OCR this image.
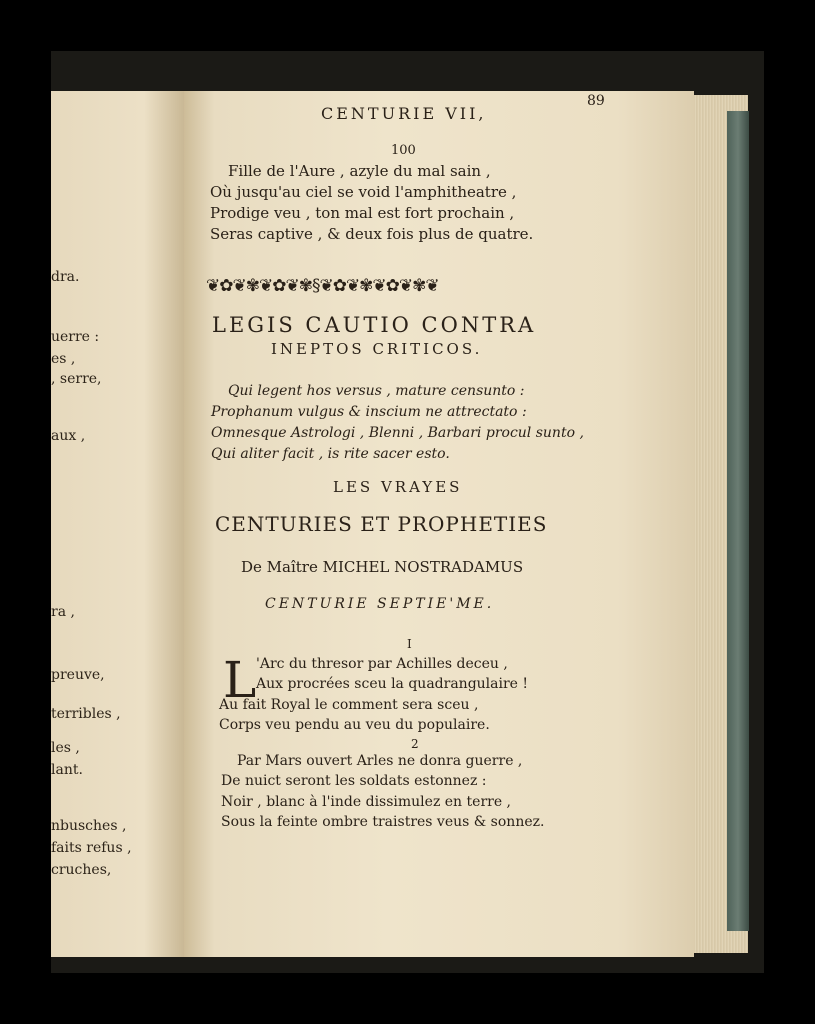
dra.
uerre :
es ,
, serre,
aux ,
ra ,
preuve,
terribles ,
les ,
lant.
nbusches ,
faits refus ,
cruches,
CENTURIE VII,
89
100
Fille de l'Aure , azyle du mal sain ,
Où jusqu'au ciel se void l'amphitheatre ,
Prodige veu , ton mal est fort prochain ,
Seras captive , & deux fois plus de quatre.
❦✿❦✾❦✿❦✾§❦✿❦✾❦✿❦✾❦
LEGIS CAUTIO CONTRA
INEPTOS CRITICOS.
Qui legent hos versus , mature censunto :
Prophanum vulgus & inscium ne attrectato :
Omnesque Astrologi , Blenni , Barbari procul sunto ,
Qui aliter facit , is rite sacer esto.
LES VRAYES
CENTURIES ET PROPHETIES
De Maître MICHEL NOSTRADAMUS
CENTURIE SEPTIE'ME.
I
L 'Arc du thresor par Achilles deceu ,
Aux procrées sceu la quadrangulaire !
Au fait Royal le comment sera sceu ,
Corps veu pendu au veu du populaire.
2
Par Mars ouvert Arles ne donra guerre ,
De nuict seront les soldats estonnez :
Noir , blanc à l'inde dissimulez en terre ,
Sous la feinte ombre traistres veus & sonnez.
